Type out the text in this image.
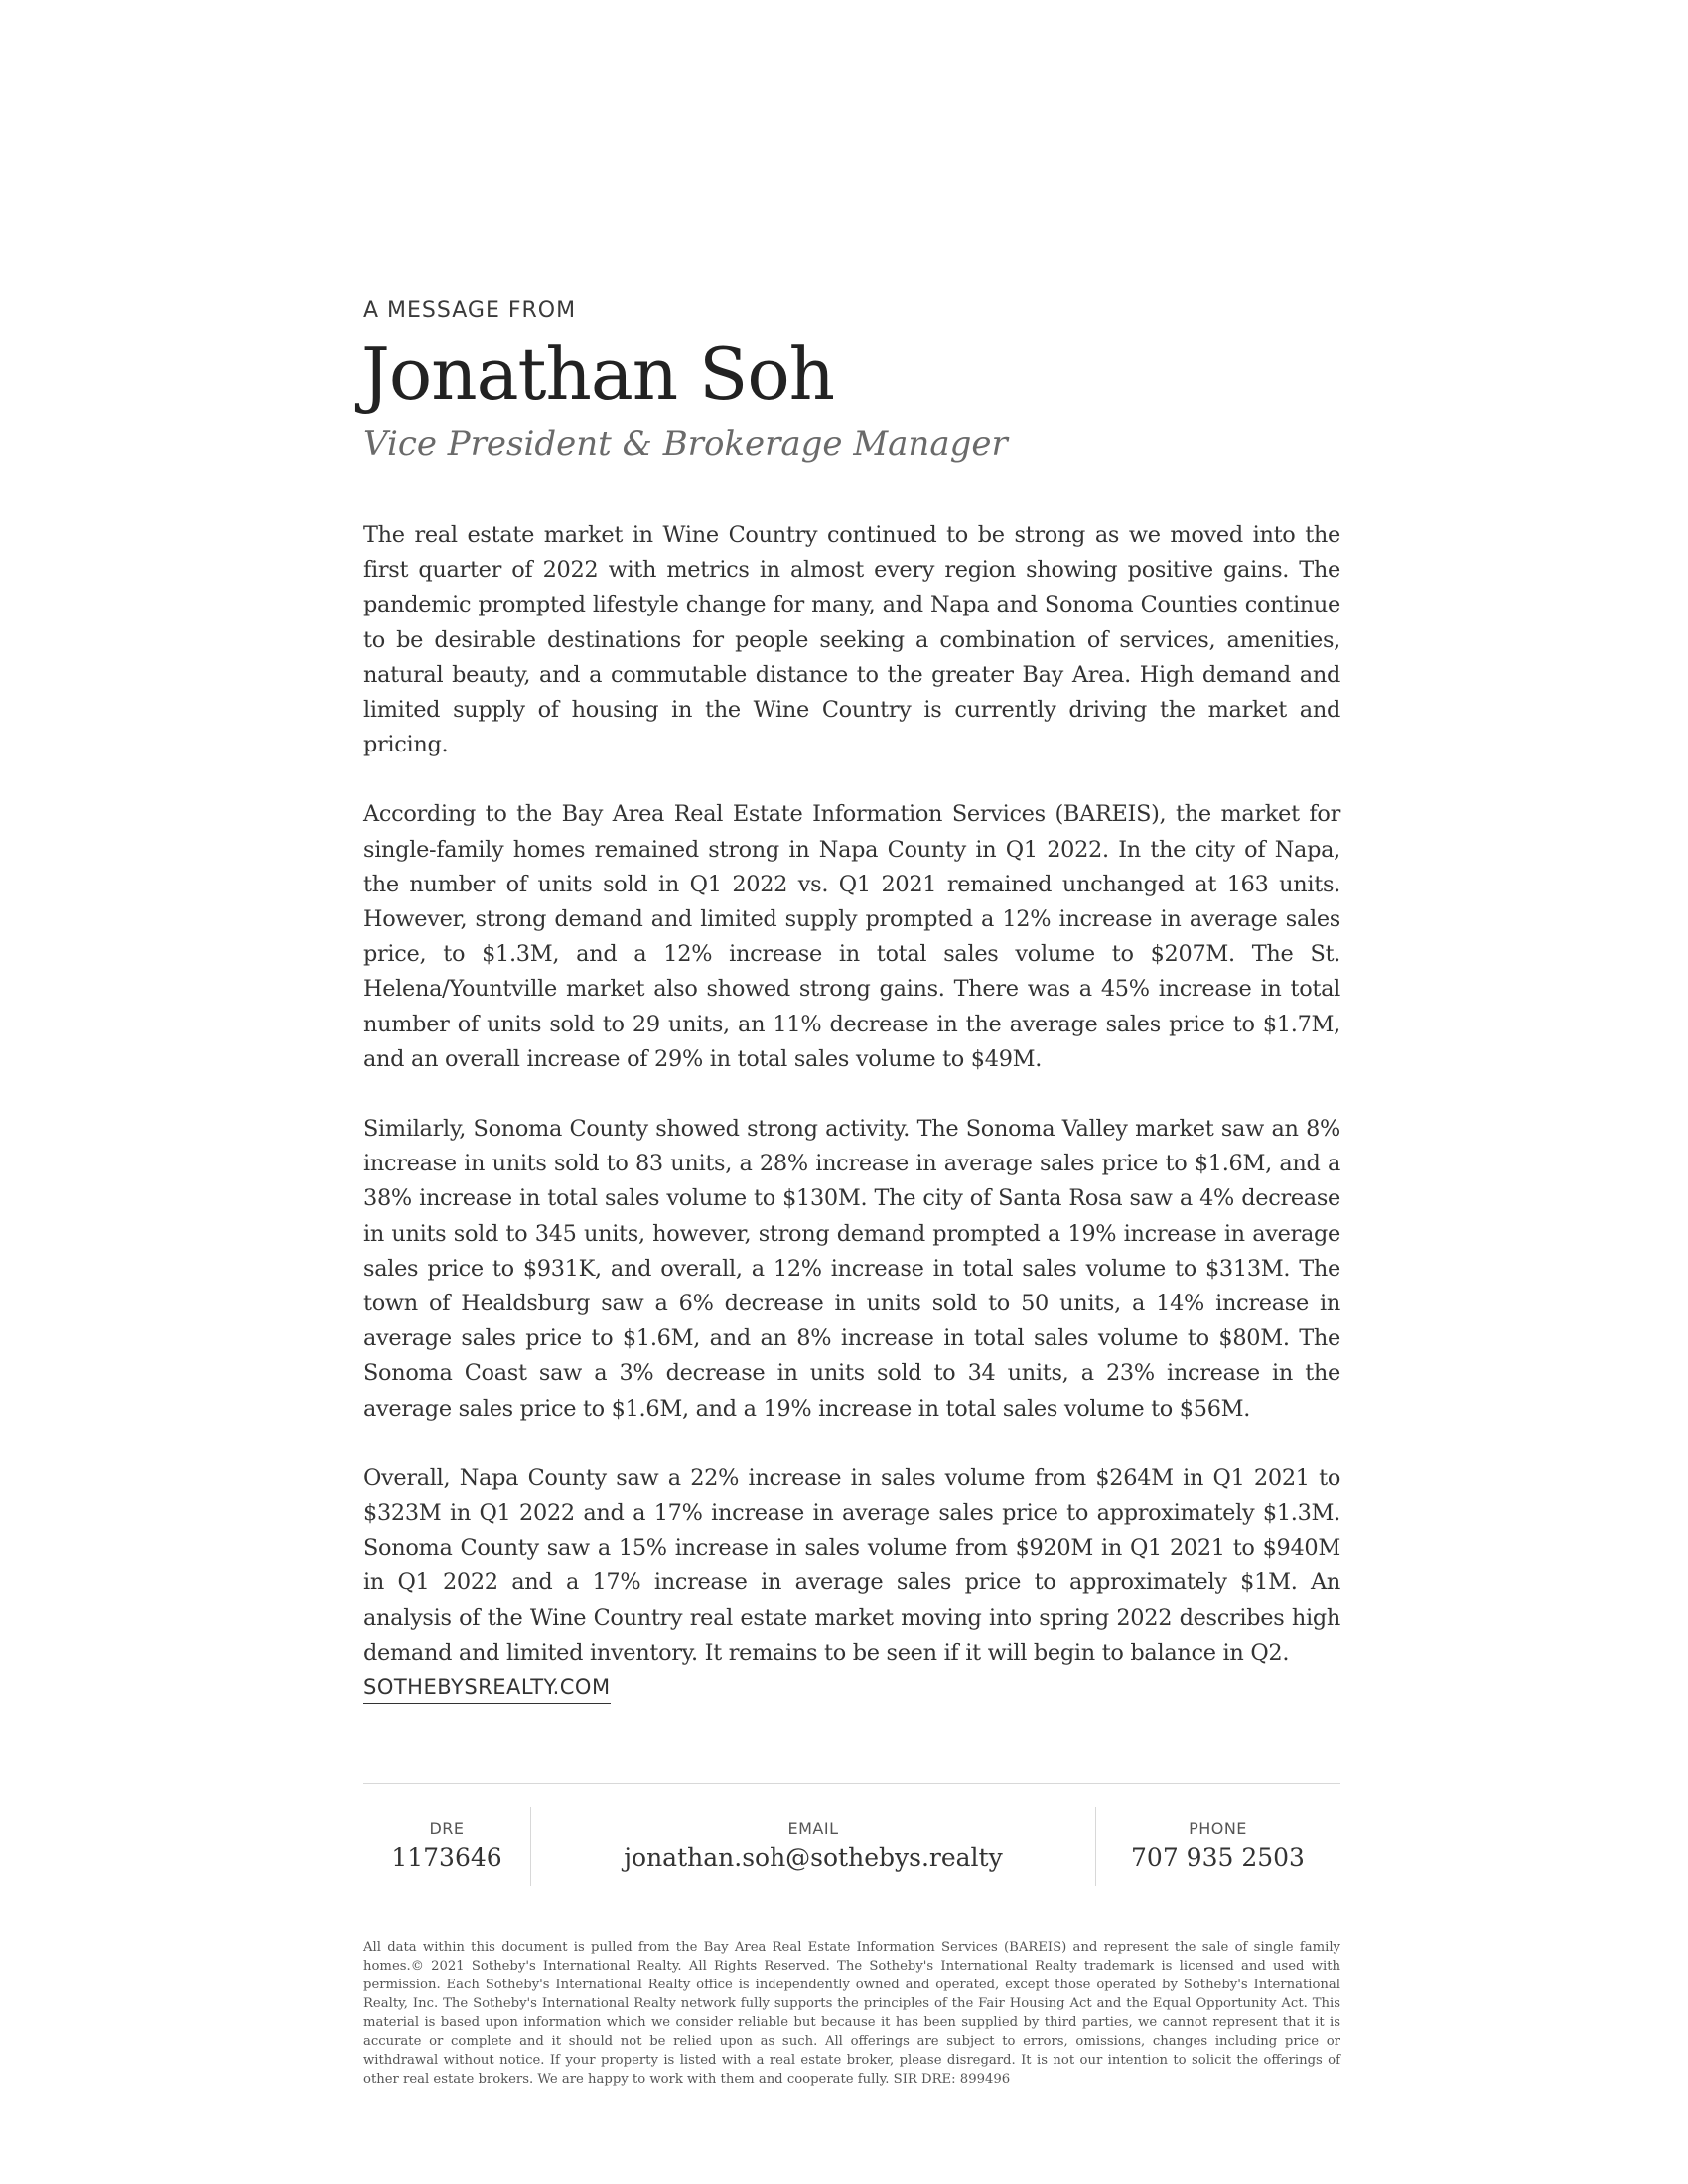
A MESSAGE FROM
Jonathan Soh
Vice President & Brokerage Manager

The real estate market in Wine Country continued to be strong as we moved into the first quarter of 2022 with metrics in almost every region showing positive gains. The pandemic prompted lifestyle change for many, and Napa and Sonoma Counties continue to be desirable destinations for people seeking a combination of services, amenities, natural beauty, and a commutable distance to the greater Bay Area. High demand and limited supply of housing in the Wine Country is currently driving the market and pricing.

According to the Bay Area Real Estate Information Services (BAREIS), the market for single-family homes remained strong in Napa County in Q1 2022. In the city of Napa, the number of units sold in Q1 2022 vs. Q1 2021 remained unchanged at 163 units. However, strong demand and limited supply prompted a 12% increase in average sales price, to $1.3M, and a 12% increase in total sales volume to $207M. The St. Helena/Yountville market also showed strong gains. There was a 45% increase in total number of units sold to 29 units, an 11% decrease in the average sales price to $1.7M, and an overall increase of 29% in total sales volume to $49M.

Similarly, Sonoma County showed strong activity. The Sonoma Valley market saw an 8% increase in units sold to 83 units, a 28% increase in average sales price to $1.6M, and a 38% increase in total sales volume to $130M. The city of Santa Rosa saw a 4% decrease in units sold to 345 units, however, strong demand prompted a 19% increase in average sales price to $931K, and overall, a 12% increase in total sales volume to $313M. The town of Healdsburg saw a 6% decrease in units sold to 50 units, a 14% increase in average sales price to $1.6M, and an 8% increase in total sales volume to $80M. The Sonoma Coast saw a 3% decrease in units sold to 34 units, a 23% increase in the average sales price to $1.6M, and a 19% increase in total sales volume to $56M.

Overall, Napa County saw a 22% increase in sales volume from $264M in Q1 2021 to $323M in Q1 2022 and a 17% increase in average sales price to approximately $1.3M. Sonoma County saw a 15% increase in sales volume from $920M in Q1 2021 to $940M in Q1 2022 and a 17% increase in average sales price to approximately $1M. An analysis of the Wine Country real estate market moving into spring 2022 describes high demand and limited inventory. It remains to be seen if it will begin to balance in Q2.

SOTHEBYSREALTY.COM
DRE
1173646
EMAIL
jonathan.soh@sothebys.realty
PHONE
707 935 2503

All data within this document is pulled from the Bay Area Real Estate Information Services (BAREIS) and represent the sale of single family homes.© 2021 Sotheby's International Realty. All Rights Reserved. The Sotheby's International Realty trademark is licensed and used with permission. Each Sotheby's International Realty office is independently owned and operated, except those operated by Sotheby's International Realty, Inc. The Sotheby's International Realty network fully supports the principles of the Fair Housing Act and the Equal Opportunity Act. This material is based upon information which we consider reliable but because it has been supplied by third parties, we cannot represent that it is accurate or complete and it should not be relied upon as such. All offerings are subject to errors, omissions, changes including price or withdrawal without notice. If your property is listed with a real estate broker, please disregard. It is not our intention to solicit the offerings of other real estate brokers. We are happy to work with them and cooperate fully. SIR DRE: 899496
